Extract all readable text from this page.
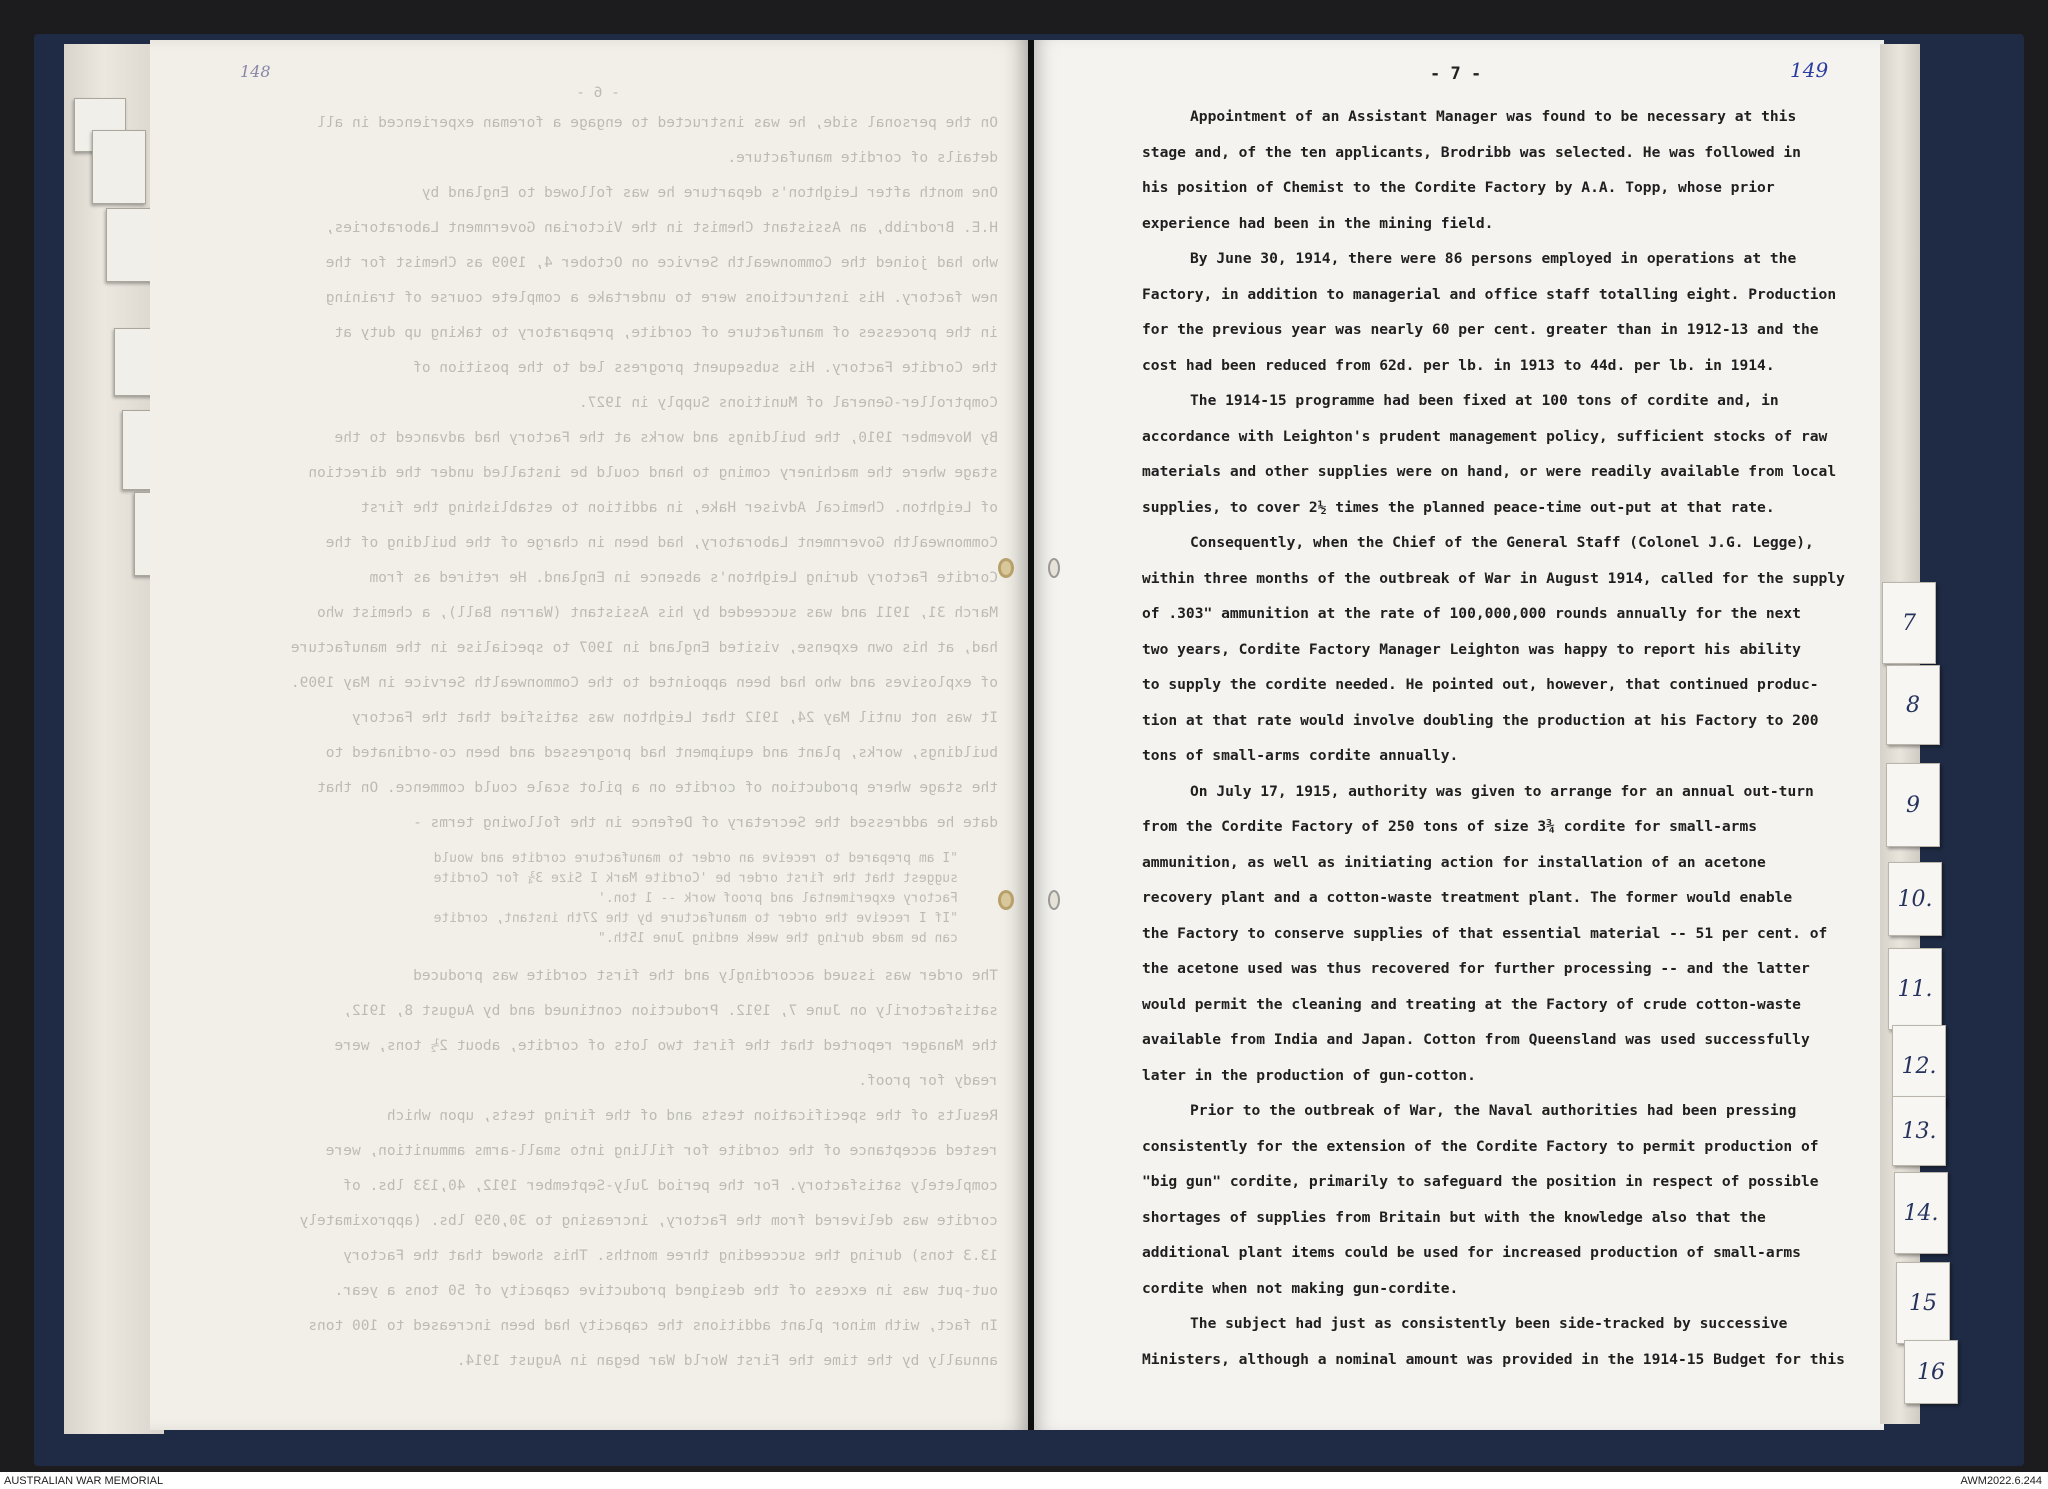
148
- 6 -
On the personal side, he was instructed to engage a foreman experienced in all
details of cordite manufacture.
One month after Leighton's departure he was followed to England by
H.E. Brodribb, an Assistant Chemist in the Victorian Government Laboratories,
who had joined the Commonwealth Service on October 4, 1909 as Chemist for the
new factory. His instructions were to undertake a complete course of training
in the processes of manufacture of cordite, preparatory to taking up duty at
the Cordite Factory. His subsequent progress led to the position of
Comptroller-General of Munitions Supply in 1927.
By November 1910, the buildings and works at the Factory had advanced to the
stage where the machinery coming to hand could be installed under the direction
of Leighton. Chemical Adviser Hake, in addition to establishing the first
Commonwealth Government Laboratory, had been in charge of the building of the
Cordite Factory during Leighton's absence in England. He retired as from
March 31, 1911 and was succeeded by his Assistant (Warren Ball), a chemist who
had, at his own expense, visited England in 1907 to specialise in the manufacture
of explosives and who had been appointed to the Commonwealth Service in May 1909.
It was not until May 24, 1912 that Leighton was satisfied that the Factory
buildings, works, plant and equipment had progressed and been co-ordinated to
the stage where production of cordite on a pilot scale could commence. On that
date he addressed the Secretary of Defence in the following terms -
"I am prepared to receive an order to manufacture cordite and would
suggest that the first order be 'Cordite Mark I Size 3¾ for Cordite
Factory experimental and proof work -- 1 ton.'
"If I receive the order to manufacture by the 27th instant, cordite
can be made during the week ending June 15th."
The order was issued accordingly and the first cordite was produced
satisfactorily on June 7, 1912. Production continued and by August 8, 1912,
the Manager reported that the first two lots of cordite, about 2½ tons, were
ready for proof.
Results of the specification tests and of the firing tests, upon which
rested acceptance of the cordite for filling into small-arms ammunition, were
completely satisfactory. For the period July-September 1912, 40,133 lbs. of
cordite was delivered from the Factory, increasing to 30,059 lbs. (approximately
13.3 tons) during the succeeding three months. This showed that the Factory
out-put was in excess of the designed productive capacity of 50 tons a year.
In fact, with minor plant additions the capacity had been increased to 100 tons
annually by the time the First World War began in August 1914.
- 7 -	149
Appointment of an Assistant Manager was found to be necessary at this
stage and, of the ten applicants, Brodribb was selected. He was followed in
his position of Chemist to the Cordite Factory by A.A. Topp, whose prior
experience had been in the mining field.
By June 30, 1914, there were 86 persons employed in operations at the
Factory, in addition to managerial and office staff totalling eight. Production
for the previous year was nearly 60 per cent. greater than in 1912-13 and the
cost had been reduced from 62d. per lb. in 1913 to 44d. per lb. in 1914.
The 1914-15 programme had been fixed at 100 tons of cordite and, in
accordance with Leighton's prudent management policy, sufficient stocks of raw
materials and other supplies were on hand, or were readily available from local
supplies, to cover 2½ times the planned peace-time out-put at that rate.
Consequently, when the Chief of the General Staff (Colonel J.G. Legge),
within three months of the outbreak of War in August 1914, called for the supply
of .303" ammunition at the rate of 100,000,000 rounds annually for the next
two years, Cordite Factory Manager Leighton was happy to report his ability
to supply the cordite needed. He pointed out, however, that continued produc-
tion at that rate would involve doubling the production at his Factory to 200
tons of small-arms cordite annually.
On July 17, 1915, authority was given to arrange for an annual out-turn
from the Cordite Factory of 250 tons of size 3¾ cordite for small-arms
ammunition, as well as initiating action for installation of an acetone
recovery plant and a cotton-waste treatment plant. The former would enable
the Factory to conserve supplies of that essential material -- 51 per cent. of
the acetone used was thus recovered for further processing -- and the latter
would permit the cleaning and treating at the Factory of crude cotton-waste
available from India and Japan. Cotton from Queensland was used successfully
later in the production of gun-cotton.
Prior to the outbreak of War, the Naval authorities had been pressing
consistently for the extension of the Cordite Factory to permit production of
"big gun" cordite, primarily to safeguard the position in respect of possible
shortages of supplies from Britain but with the knowledge also that the
additional plant items could be used for increased production of small-arms
cordite when not making gun-cordite.
The subject had just as consistently been side-tracked by successive
Ministers, although a nominal amount was provided in the 1914-15 Budget for this
7
8
9
10.
11.
12.
13.
14.
15
16
AUSTRALIAN WAR MEMORIAL	AWM2022.6.244
